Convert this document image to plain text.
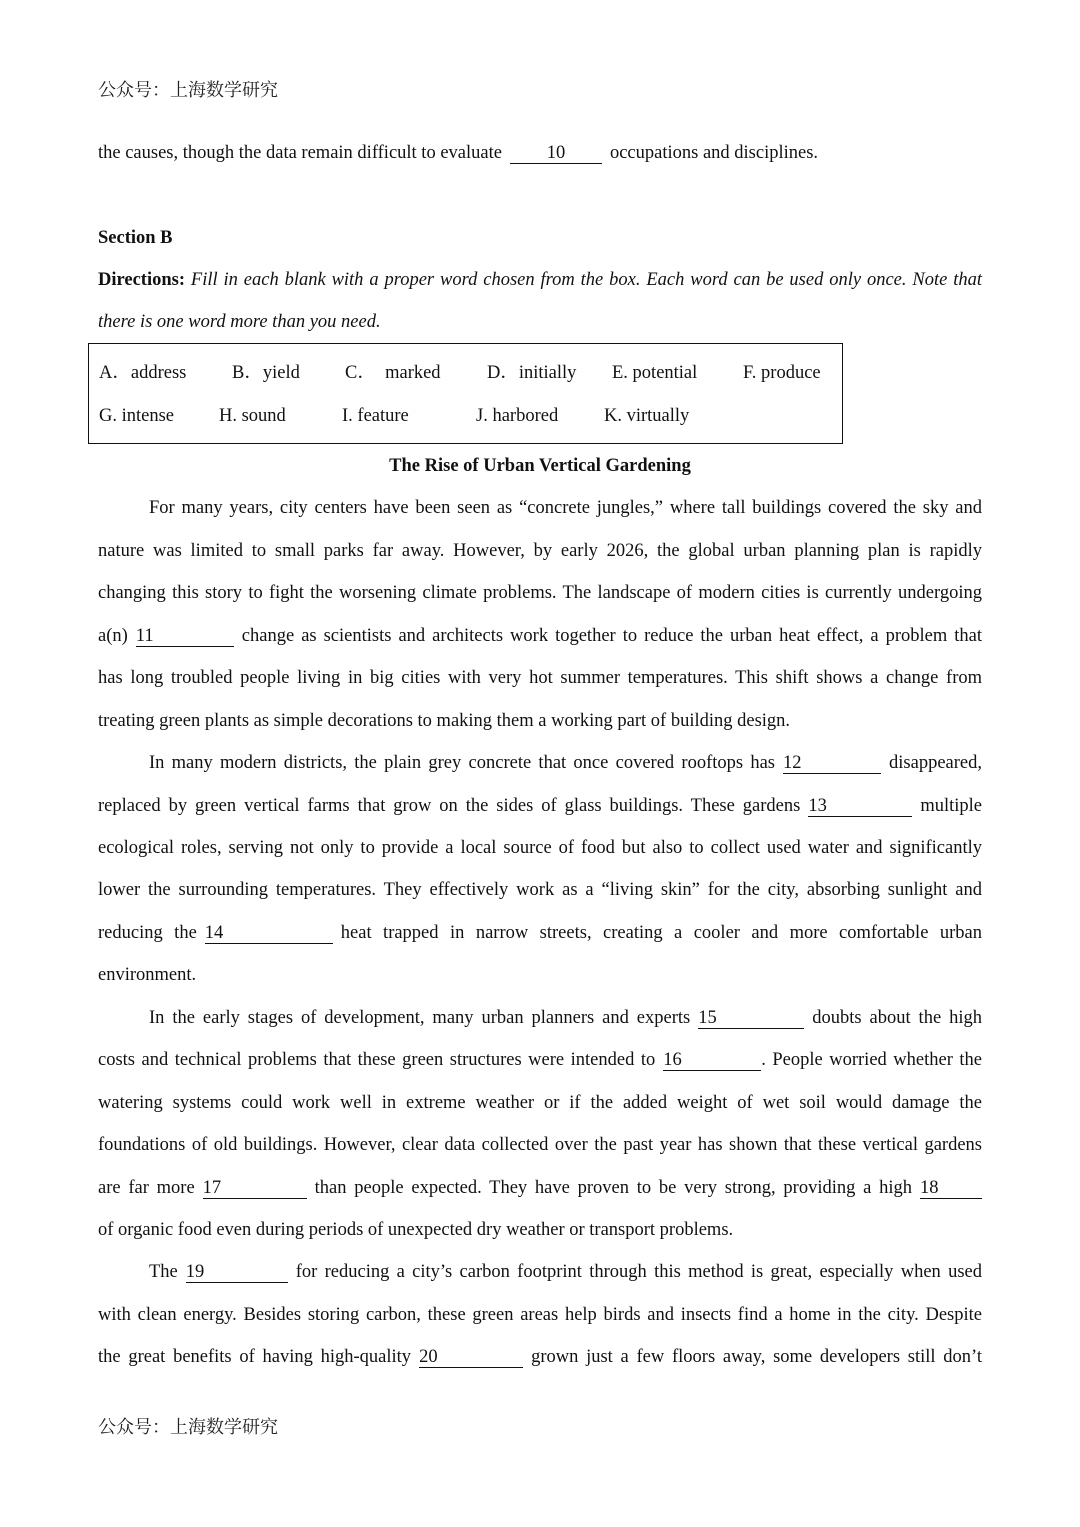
公众号：上海数学研究
the causes, though the data remain difficult to evaluate 10 occupations and disciplines.
Section B
Directions: Fill in each blank with a proper word chosen from the box. Each word can be used only once. Note that
there is one word more than you need.
The Rise of Urban Vertical Gardening
For many years, city centers have been seen as “concrete jungles,” where tall buildings covered the sky and
nature was limited to small parks far away. However, by early 2026, the global urban planning plan is rapidly
changing this story to fight the worsening climate problems. The landscape of modern cities is currently undergoing
a(n) 11	change as scientists and architects work together to reduce the urban heat effect, a problem that
has long troubled people living in big cities with very hot summer temperatures. This shift shows a change from
treating green plants as simple decorations to making them a working part of building design.
In many modern districts, the plain grey concrete that once covered rooftops has 12	disappeared,
replaced by green vertical farms that grow on the sides of glass buildings. These gardens 13	multiple
ecological roles, serving not only to provide a local source of food but also to collect used water and significantly
lower the surrounding temperatures. They effectively work as a “living skin” for the city, absorbing sunlight and
reducing the 14	heat trapped in narrow streets, creating a cooler and more comfortable urban
environment.
In the early stages of development, many urban planners and experts 15	doubts about the high
costs and technical problems that these green structures were intended to 16	. People worried whether the
watering systems could work well in extreme weather or if the added weight of wet soil would damage the
foundations of old buildings. However, clear data collected over the past year has shown that these vertical gardens
are far more 17	than people expected. They have proven to be very strong, providing a high 18
of organic food even during periods of unexpected dry weather or transport problems.
The 19	for reducing a city’s carbon footprint through this method is great, especially when used
with clean energy. Besides storing carbon, these green areas help birds and insects find a home in the city. Despite
the great benefits of having high-quality 20	grown just a few floors away, some developers still don’t
A．address B．yield C．  marked	D．initially E. potential F. produce
G. intense H. sound	I. feature	J. harbored K. virtually
公众号：上海数学研究
